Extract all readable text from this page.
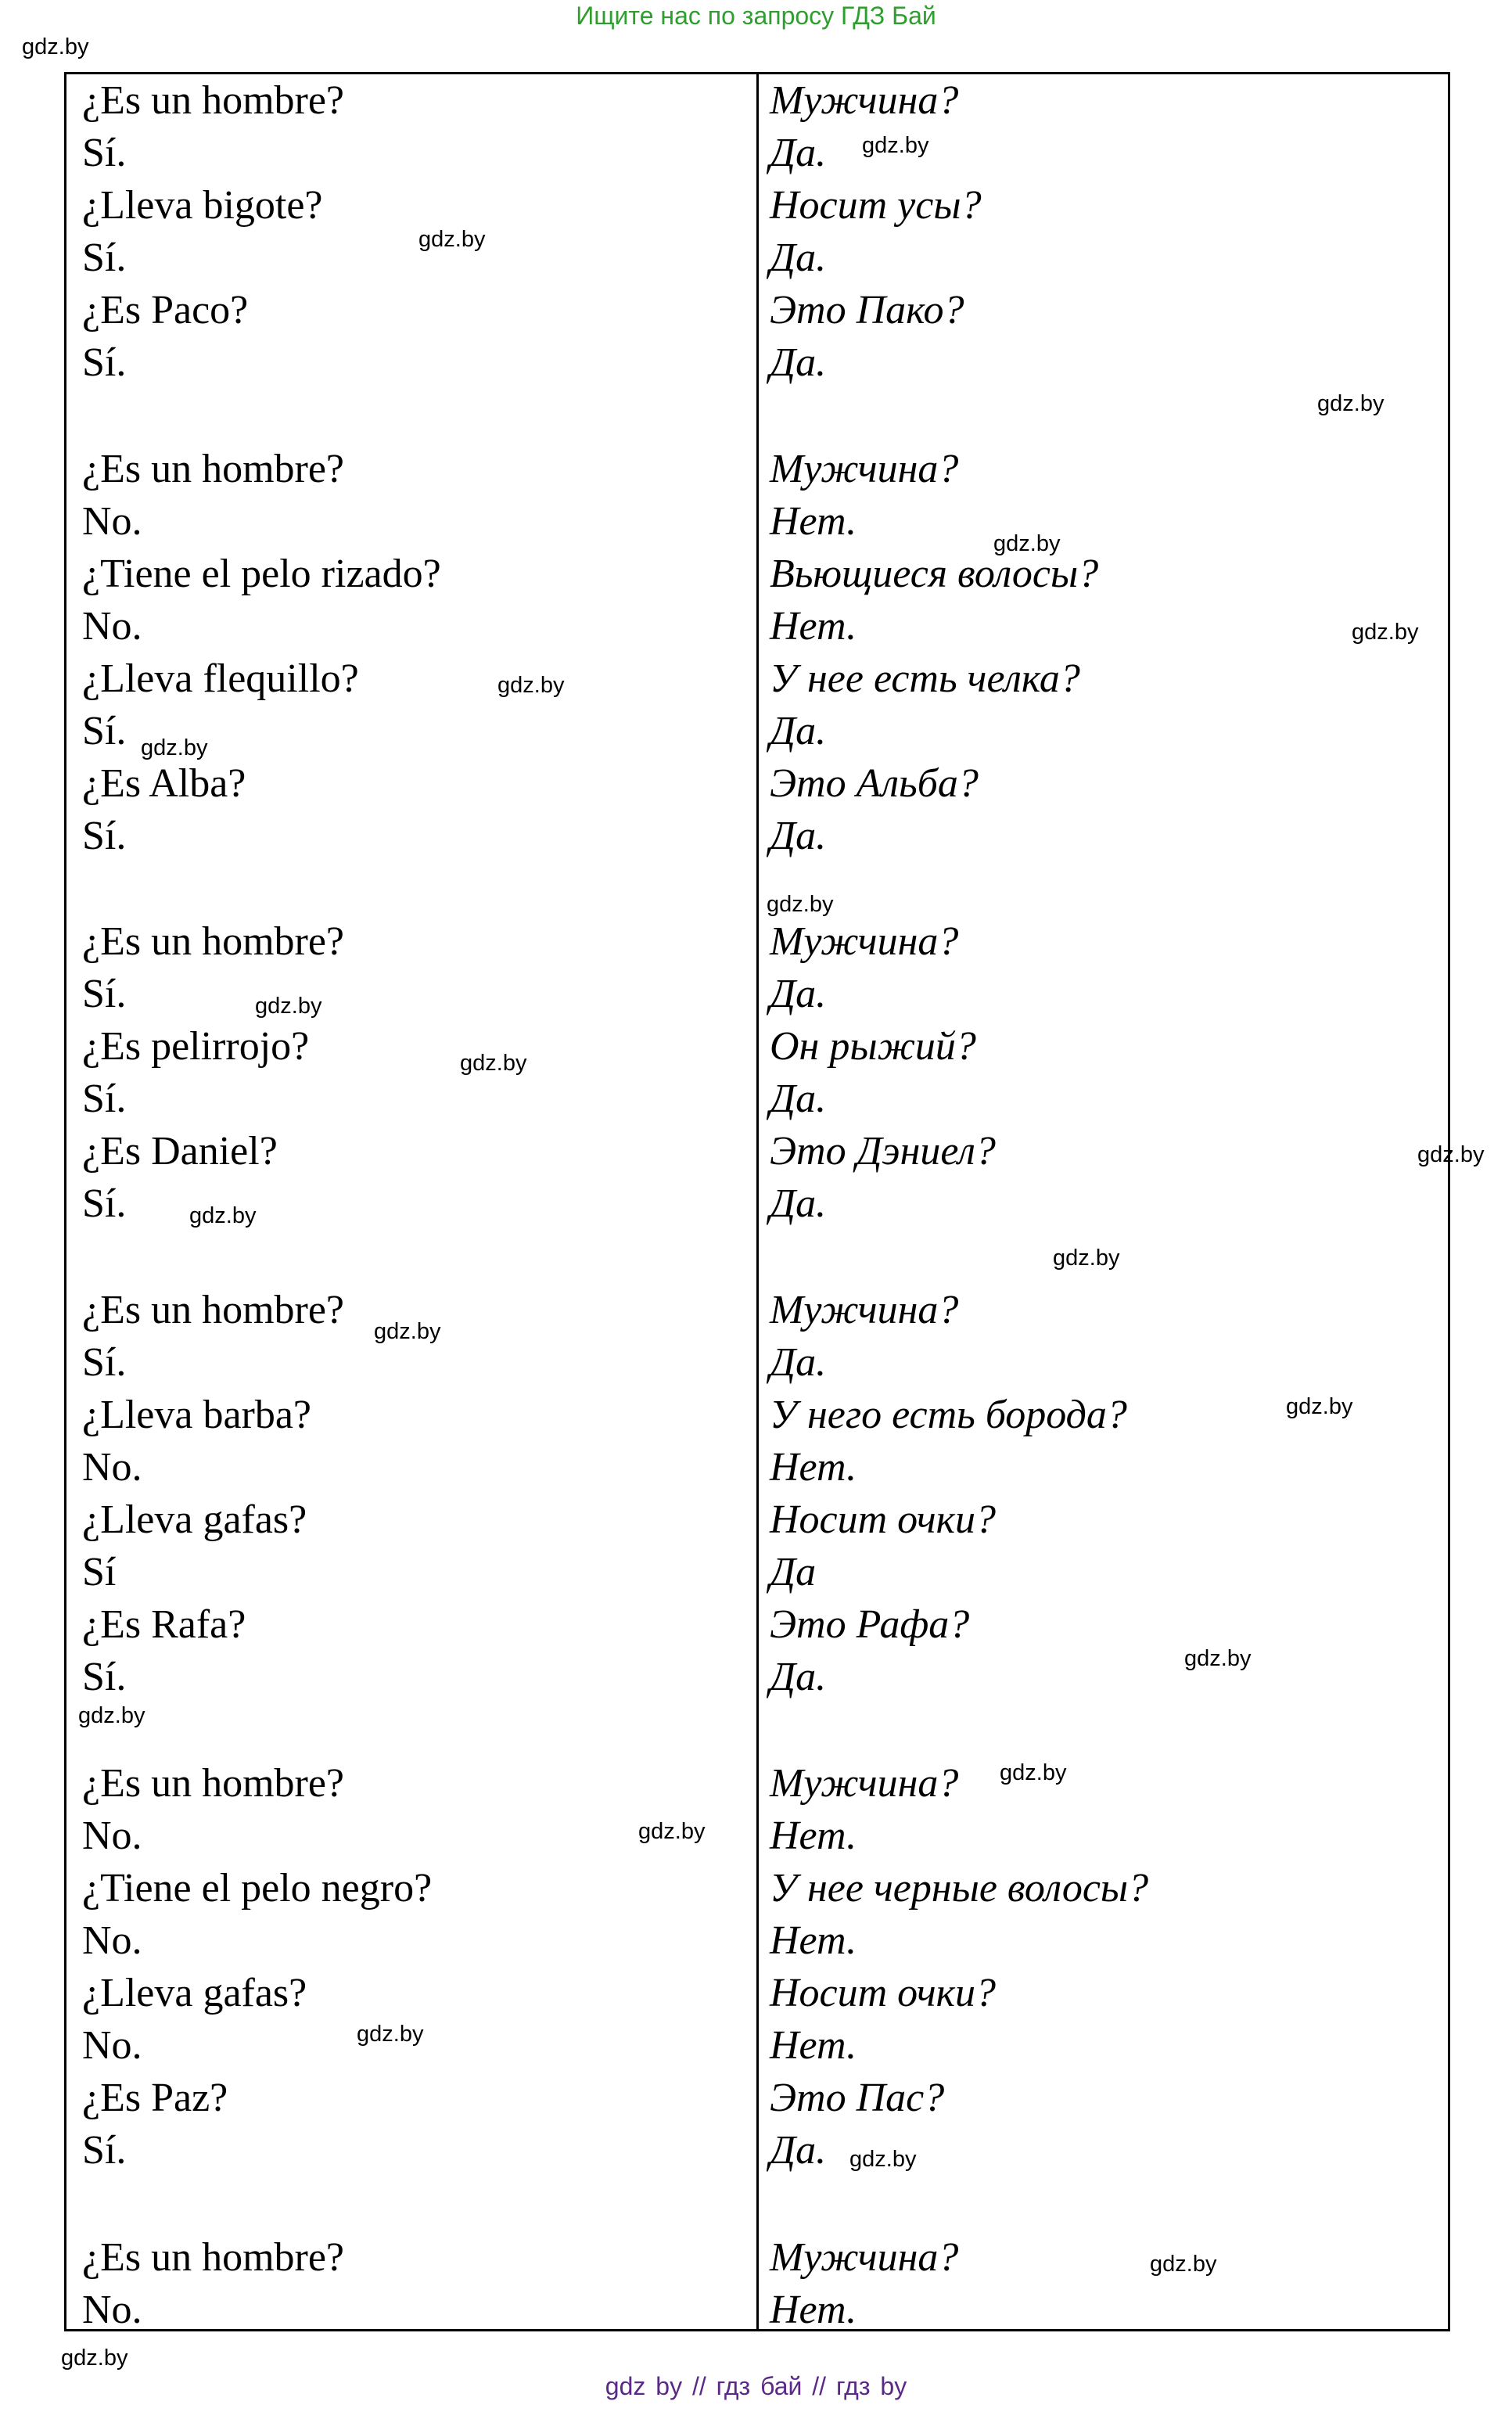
Ищите нас по запросу ГДЗ Бай
¿Es un hombre?
Sí.
¿Lleva bigote?
Sí.
¿Es Paco?
Sí.
¿Es un hombre?
No.
¿Tiene el pelo rizado?
No.
¿Lleva flequillo?
Sí.
¿Es Alba?
Sí.
¿Es un hombre?
Sí.
¿Es pelirrojo?
Sí.
¿Es Daniel?
Sí.
¿Es un hombre?
Sí.
¿Lleva barba?
No.
¿Lleva gafas?
Sí
¿Es Rafa?
Sí.
¿Es un hombre?
No.
¿Tiene el pelo negro?
No.
¿Lleva gafas?
No.
¿Es Paz?
Sí.
¿Es un hombre?
No.
Мужчина?
Да.
Носит усы?
Да.
Это Пако?
Да.
Мужчина?
Нет.
Вьющиеся волосы?
Нет.
У нее есть челка?
Да.
Это Альба?
Да.
Мужчина?
Да.
Он рыжий?
Да.
Это Дэниел?
Да.
Мужчина?
Да.
У него есть борода?
Нет.
Носит очки?
Да
Это Рафа?
Да.
Мужчина?
Нет.
У нее черные волосы?
Нет.
Носит очки?
Нет.
Это Пас?
Да.
Мужчина?
Нет.
gdz.by
gdz.by
gdz.by
gdz.by
gdz.by
gdz.by
gdz.by
gdz.by
gdz.by
gdz.by
gdz.by
gdz.by
gdz.by
gdz.by
gdz.by
gdz.by
gdz.by
gdz.by
gdz.by
gdz.by
gdz.by
gdz.by
gdz.by
gdz.by
gdz by // гдз бай // гдз by
